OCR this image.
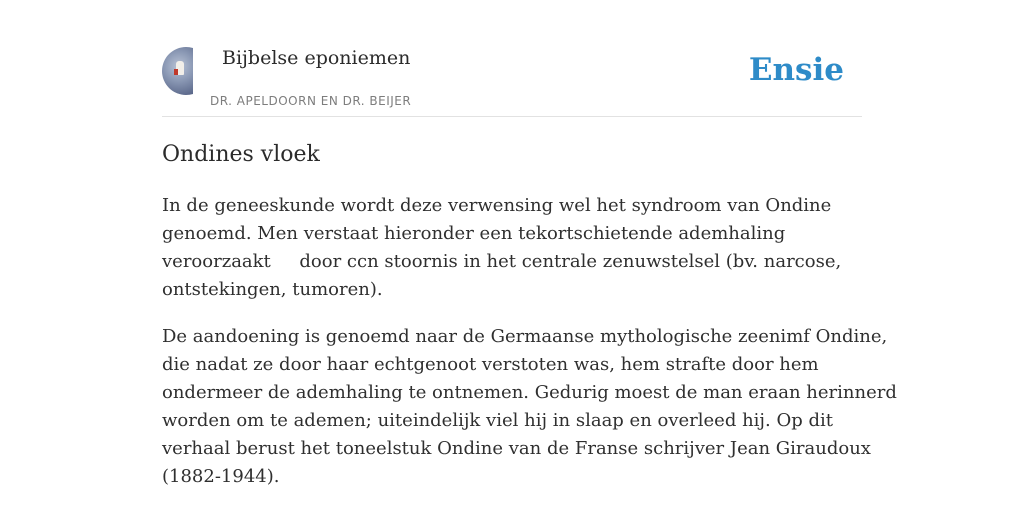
Bijbelse eponiemen
DR. APELDOORN EN DR. BEIJER
Ensie
Ondines vloek

In de geneeskunde wordt deze verwensing wel het syndroom van Ondine
genoemd. Men verstaat hieronder een tekortschietende ademhaling
veroorzaakt     door ccn stoornis in het centrale zenuwstelsel (bv. narcose,
ontstekingen, tumoren).

De aandoening is genoemd naar de Germaanse mythologische zeenimf Ondine,
die nadat ze door haar echtgenoot verstoten was, hem strafte door hem
ondermeer de ademhaling te ontnemen. Gedurig moest de man eraan herinnerd
worden om te ademen; uiteindelijk viel hij in slaap en overleed hij. Op dit
verhaal berust het toneelstuk Ondine van de Franse schrijver Jean Giraudoux
(1882-1944).
